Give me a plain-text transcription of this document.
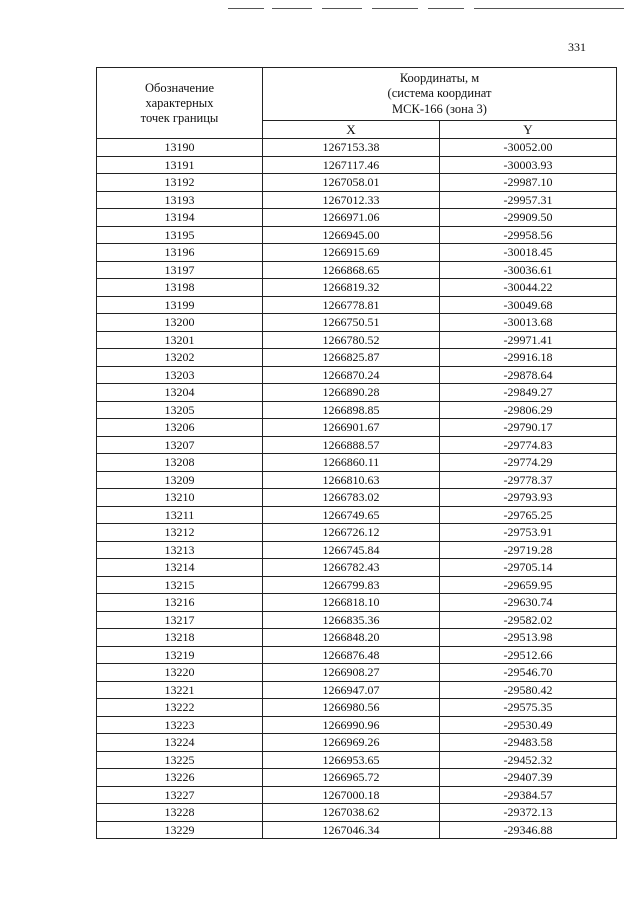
331
Обозначение
характерных
точек границы	Координаты, м
(система координат
МСК-166 (зона 3)	

	X	Y
13190	1267153.38	-30052.00
13191	1267117.46	-30003.93
13192	1267058.01	-29987.10
13193	1267012.33	-29957.31
13194	1266971.06	-29909.50
13195	1266945.00	-29958.56
13196	1266915.69	-30018.45
13197	1266868.65	-30036.61
13198	1266819.32	-30044.22
13199	1266778.81	-30049.68
13200	1266750.51	-30013.68
13201	1266780.52	-29971.41
13202	1266825.87	-29916.18
13203	1266870.24	-29878.64
13204	1266890.28	-29849.27
13205	1266898.85	-29806.29
13206	1266901.67	-29790.17
13207	1266888.57	-29774.83
13208	1266860.11	-29774.29
13209	1266810.63	-29778.37
13210	1266783.02	-29793.93
13211	1266749.65	-29765.25
13212	1266726.12	-29753.91
13213	1266745.84	-29719.28
13214	1266782.43	-29705.14
13215	1266799.83	-29659.95
13216	1266818.10	-29630.74
13217	1266835.36	-29582.02
13218	1266848.20	-29513.98
13219	1266876.48	-29512.66
13220	1266908.27	-29546.70
13221	1266947.07	-29580.42
13222	1266980.56	-29575.35
13223	1266990.96	-29530.49
13224	1266969.26	-29483.58
13225	1266953.65	-29452.32
13226	1266965.72	-29407.39
13227	1267000.18	-29384.57
13228	1267038.62	-29372.13
13229	1267046.34	-29346.88
